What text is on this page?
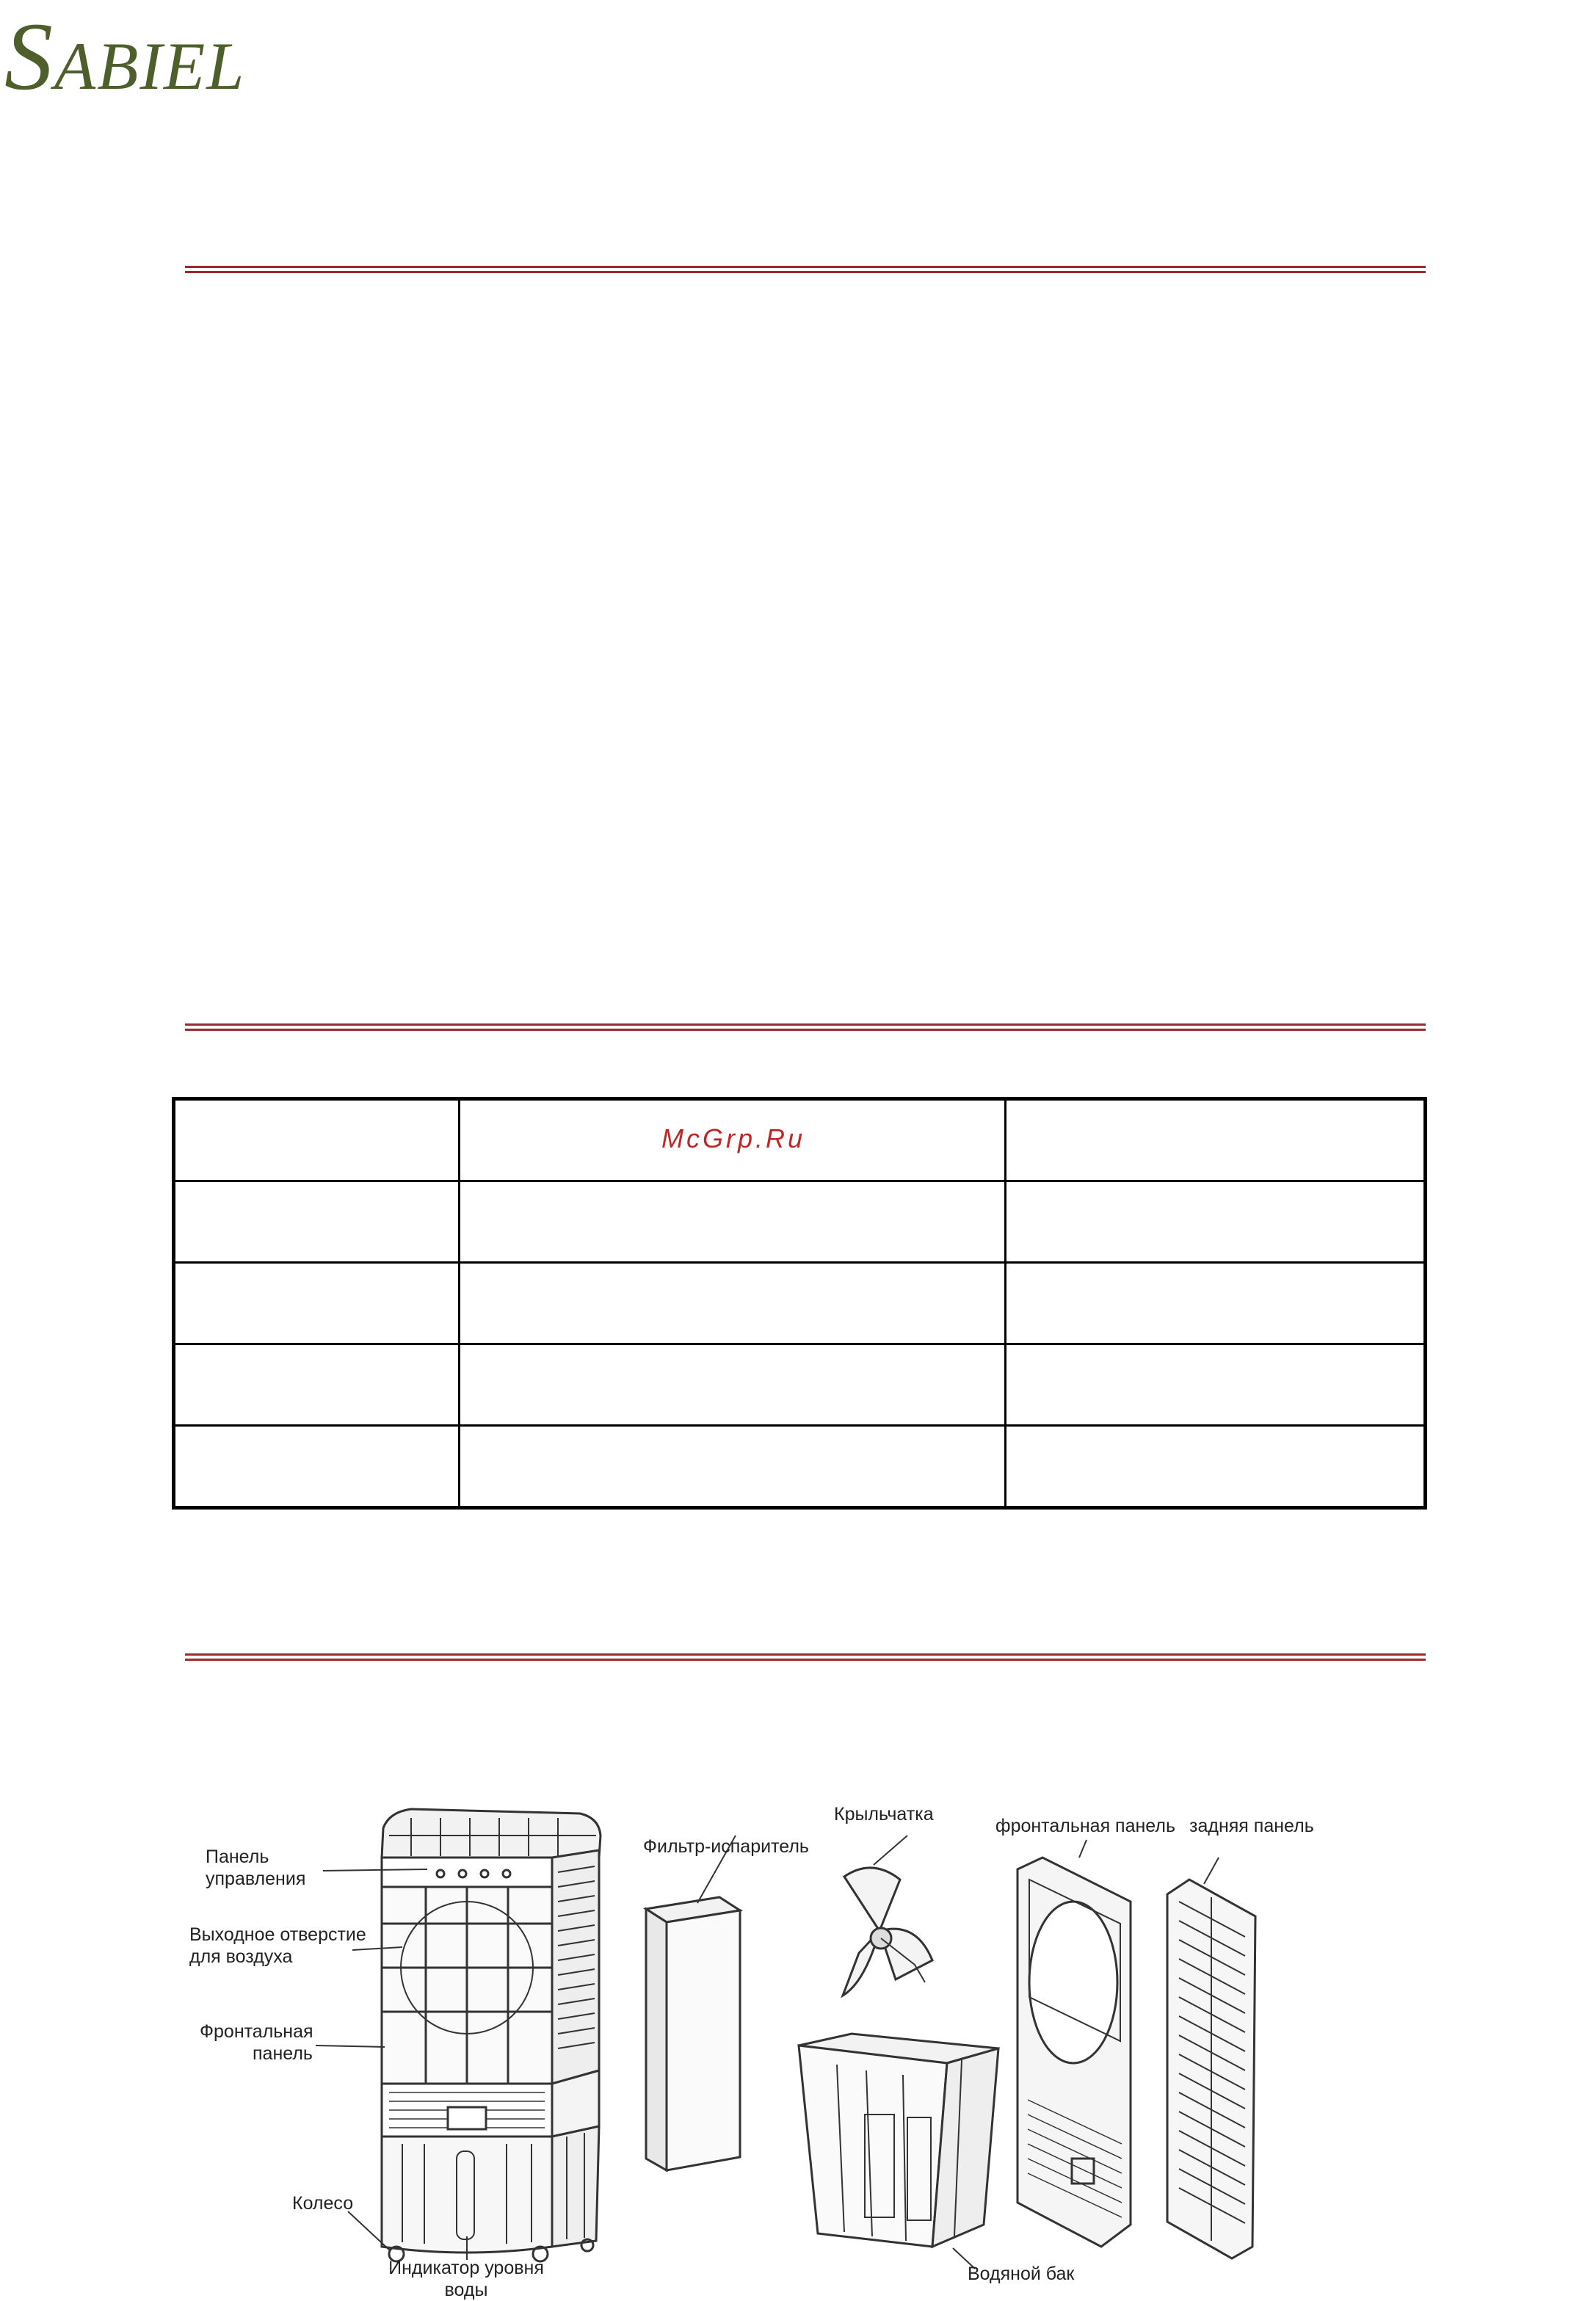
SABIEL

McGrp.Ru
Панель
управления
Выходное отверстие
для воздуха
Фронтальная
панель
Колесо
Индикатор уровня
воды
Фильтр-испаритель
Крыльчатка
фронтальная панель задняя панель
Водяной бак
